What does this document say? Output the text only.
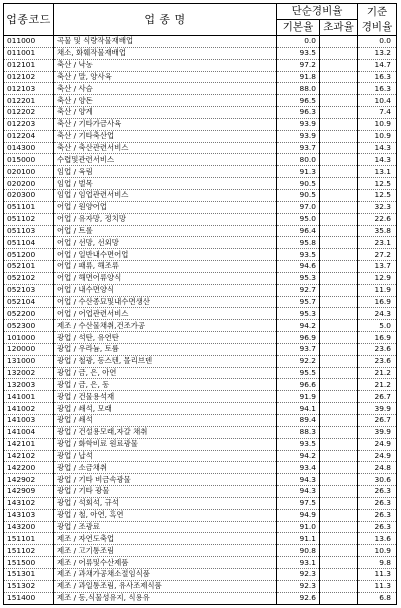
업종코드	업 종 명	단순경비율		기준
경비율

		기본율	초과율	
011000	곡물 및 식량작물재배업	0.0		0.0
011001	채소, 화훼작물재배업	93.5		13.2
012101	축산 / 낙농	97.2		14.7
012102	축산 / 말, 양사육	91.8		16.3
012103	축산 / 사슴	88.0		16.3
012201	축산 / 양돈	96.5		10.4
012202	축산 / 양계	96.3		7.4
012203	축산 / 기타가금사육	93.9		10.9
012204	축산 / 기타축산업	93.9		10.9
014300	축산 / 축산관련서비스	93.7		14.3
015000	수렵및관련서비스	80.0		14.3
020100	임업 / 육림	91.3		13.1
020200	임업 / 벌목	90.5		12.5
020300	임업 / 임업관련서비스	90.5		12.5
051101	어업 / 원양어업	97.0		32.3
051102	어업 / 유자망, 정치망	95.0		22.6
051103	어업 / 트롤	96.4		35.8
051104	어업 / 선망, 선외망	95.8		23.1
051200	어업 / 일반내수면어업	93.5		27.2
052101	어업 / 패류, 해조류	94.6		13.7
052102	어업 / 해면어류양식	95.3		12.9
052103	어업 / 내수면양식	92.7		11.9
052104	어업 / 수산종묘및내수면생산	95.7		16.9
052200	어업 / 어업관련서비스	95.3		24.3
052300	제조 / 수산물채취,건조가공	94.2		5.0
101000	광업 / 석탄, 유연탄	96.9		16.9
120000	광업 / 우라늄, 토륨	93.7		23.6
131000	광업 / 철광, 동스텐, 몰리브덴	92.2		23.6
132002	광업 / 금, 은, 아연	95.5		21.2
132003	광업 / 금, 은, 동	96.6		21.2
141001	광업 / 건물용석재	91.9		26.7
141002	광업 / 쇄석, 모래	94.1		39.9
141003	광업 / 쇄석	89.4		26.7
141004	광업 / 건설용모래,자갈 채취	88.3		39.9
142101	광업 / 화학비료 원료광물	93.5		24.9
142102	광업 / 납석	94.2		24.9
142200	광업 / 소금채취	93.4		24.8
142902	광업 / 기타 비금속광물	94.3		30.6
142909	광업 / 기타 광물	94.3		26.3
143102	광업 / 석회석, 규석	97.5		26.3
143103	광업 / 철, 아연, 흑연	94.9		26.3
143200	광업 / 조광료	91.0		26.3
151101	제조 / 자연도축업	91.1		13.6
151102	제조 / 고기통조림	90.8		10.9
151500	제조 / 어류및수산제품	93.1		9.8
151301	제조 / 과채가공채소절임식품	92.3		11.3
151302	제조 / 과일통조림, 유사조제식품	92.3		11.3
151400	제조 / 동,식물성유지, 식용유	92.6		6.8
